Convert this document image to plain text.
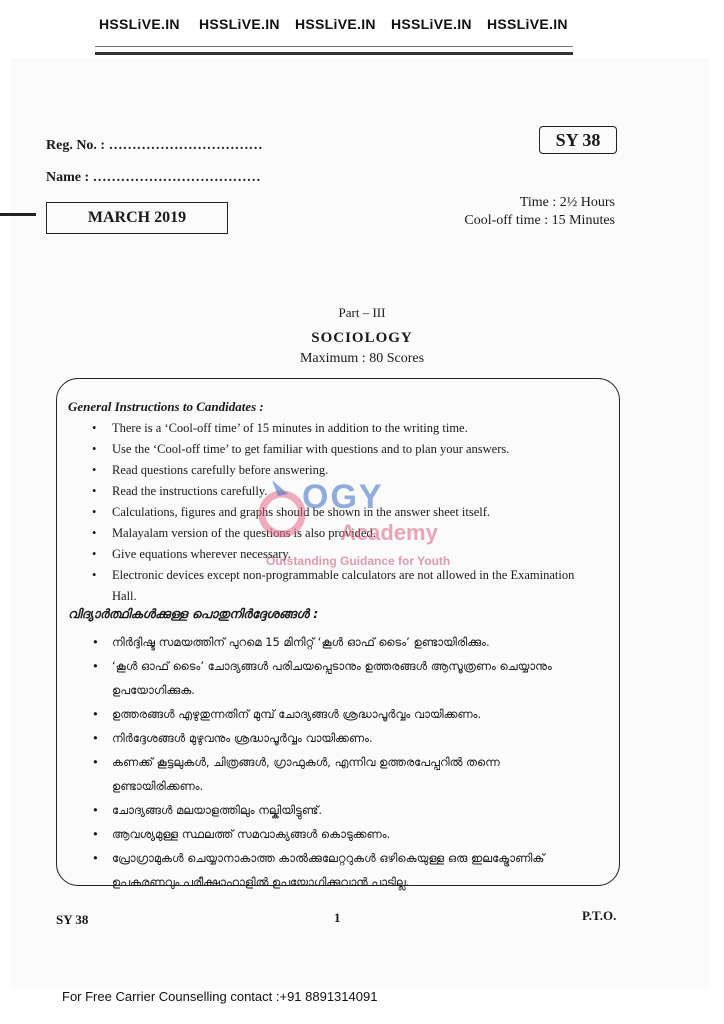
HSSLiVE.IN HSSLiVE.IN HSSLiVE.IN HSSLiVE.IN HSSLiVE.IN
Reg. No. : ……………………………
Name : ………………………………
SY 38
MARCH 2019
Time : 2½ Hours
Cool-off time : 15 Minutes
Part – III
SOCIOLOGY
Maximum : 80 Scores
General Instructions to Candidates :
• There is a ‘Cool-off time’ of 15 minutes in addition to the writing time.
• Use the ‘Cool-off time’ to get familiar with questions and to plan your answers.
• Read questions carefully before answering.
• Read the instructions carefully.
• Calculations, figures and graphs should be shown in the answer sheet itself.
• Malayalam version of the questions is also provided.
• Give equations wherever necessary.
• Electronic devices except non-programmable calculators are not allowed in the Examination Hall.
വിദ്യാർത്ഥികൾക്കുള്ള പൊതുനിർദ്ദേശങ്ങൾ :
• നിർദ്ദിഷ്ട സമയത്തിന് പുറമെ 15 മിനിറ്റ് ‘കൂൾ ഓഫ് ടൈം’ ഉണ്ടായിരിക്കും.
• ‘കൂൾ ഓഫ് ടൈം’ ചോദ്യങ്ങൾ പരിചയപ്പെടാനും ഉത്തരങ്ങൾ ആസൂത്രണം ചെയ്യാനും ഉപയോഗിക്കുക.
• ഉത്തരങ്ങൾ എഴുതുന്നതിന് മുമ്പ് ചോദ്യങ്ങൾ ശ്രദ്ധാപൂർവ്വം വായിക്കണം.
• നിർദ്ദേശങ്ങൾ മുഴുവനും ശ്രദ്ധാപൂർവ്വം വായിക്കണം.
• കണക്ക് കൂട്ടലുകൾ, ചിത്രങ്ങൾ, ഗ്രാഫുകൾ, എന്നിവ ഉത്തരപേപ്പറിൽ തന്നെ ഉണ്ടായിരിക്കണം.
• ചോദ്യങ്ങൾ മലയാളത്തിലും നല്കിയിട്ടുണ്ട്.
• ആവശ്യമുള്ള സ്ഥലത്ത് സമവാക്യങ്ങൾ കൊടുക്കണം.
• പ്രോഗ്രാമുകൾ ചെയ്യാനാകാത്ത കാൽക്കുലേറ്ററുകൾ ഒഴികെയുള്ള ഒരു ഇലക്ട്രോണിക് ഉപകരണവും പരീക്ഷാഹാളിൽ ഉപയോഗിക്കുവാൻ പാടില്ല.
OGY
Academy
Outstanding Guidance for Youth
SY 38	1	P.T.O.
For Free Carrier Counselling contact :+91 8891314091
